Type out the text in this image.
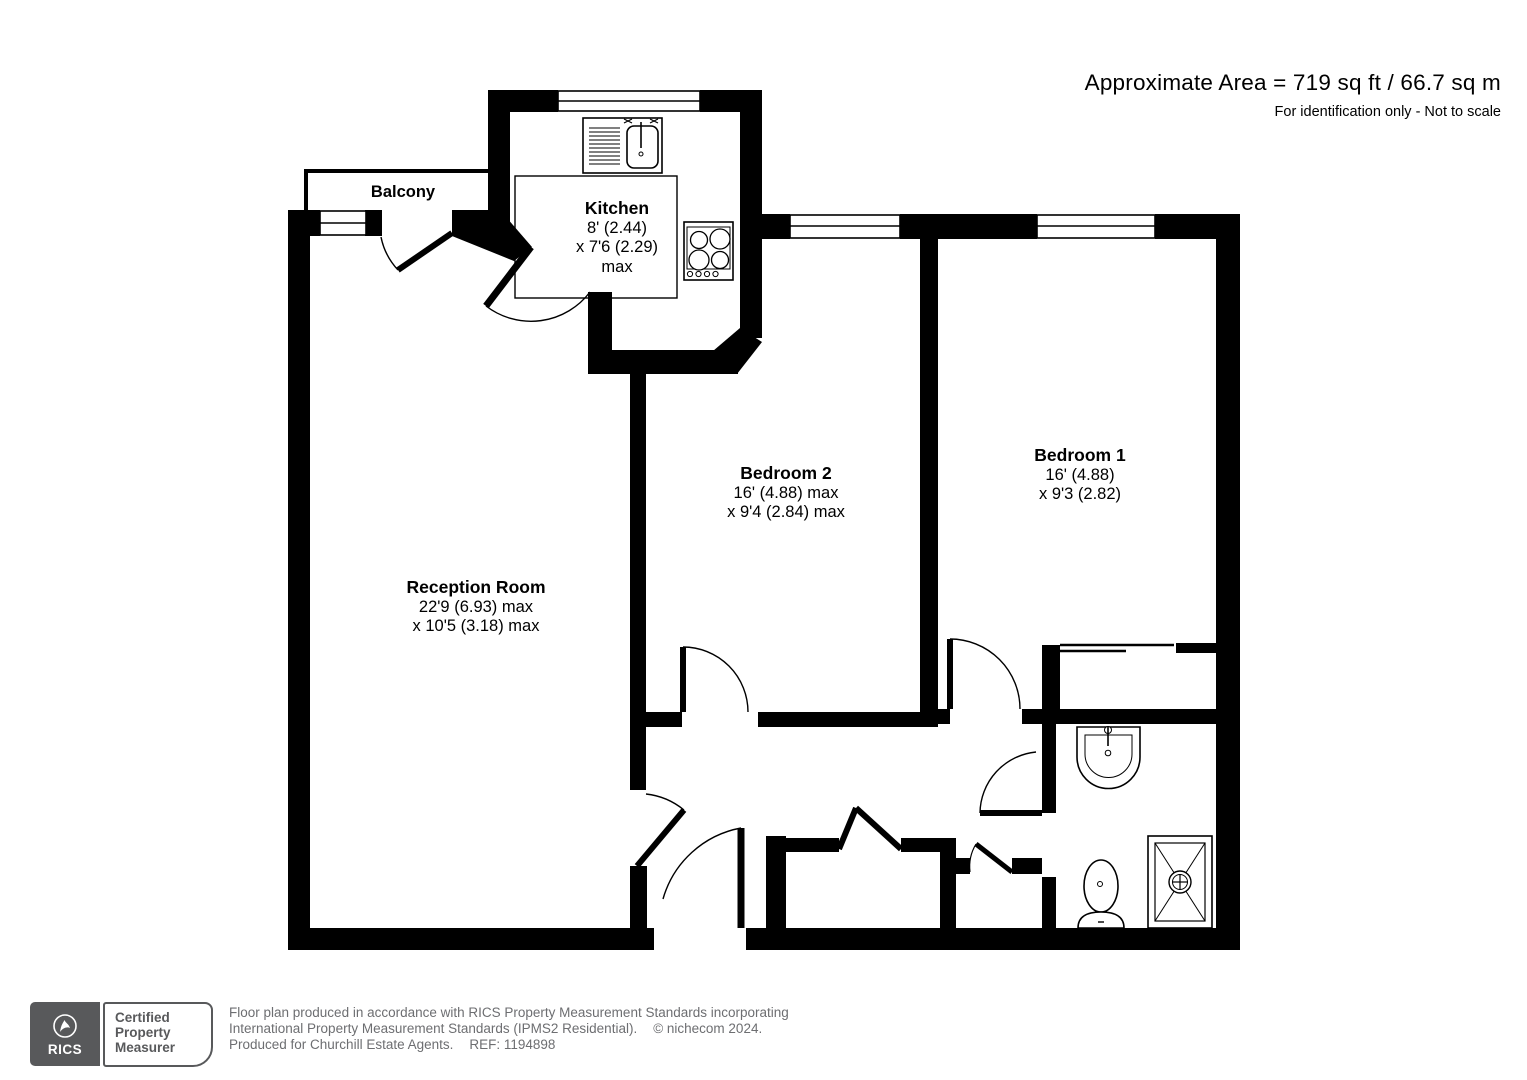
Approximate Area = 719 sq ft / 66.7 sq m
For identification only - Not to scale
Balcony
Kitchen
8' (2.44)
x 7'6 (2.29)
max
Bedroom 2
16' (4.88) max
x 9'4 (2.84) max
Bedroom 1
16' (4.88)
x 9'3 (2.82)
Reception Room
22'9 (6.93) max
x 10'5 (3.18) max
RICS
Certified
Property
Measurer
Floor plan produced in accordance with RICS Property Measurement Standards incorporating
International Property Measurement Standards (IPMS2 Residential). © nichecom 2024.
Produced for Churchill Estate Agents. REF: 1194898
